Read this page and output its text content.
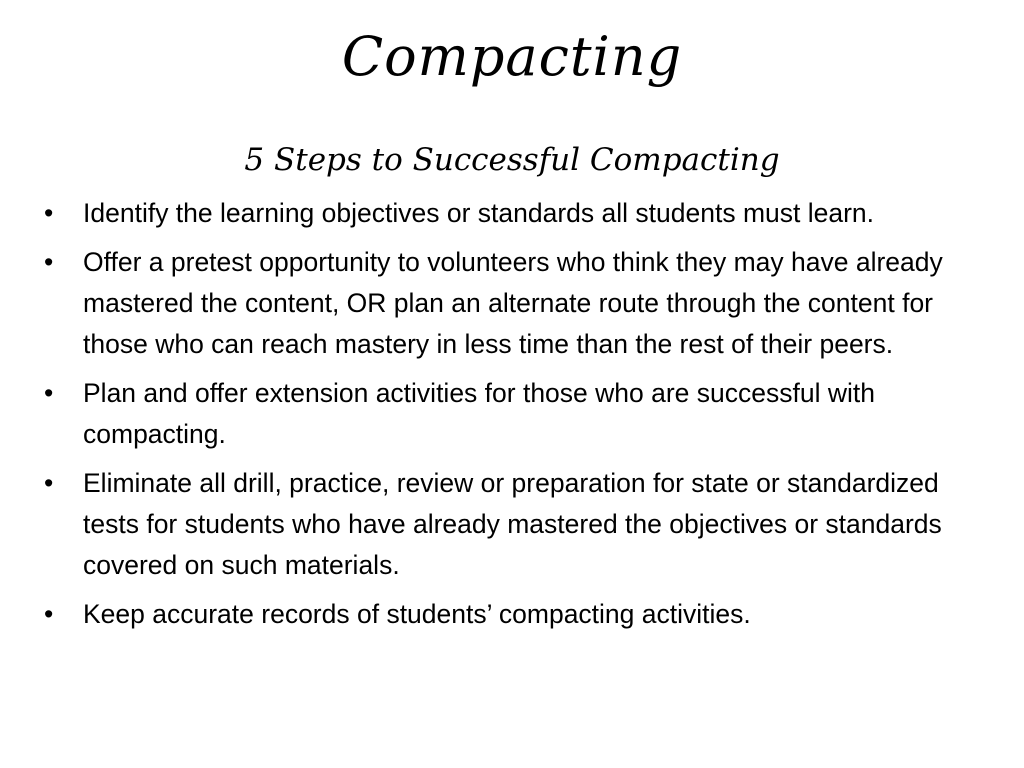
Compacting
5 Steps to Successful Compacting
•	Identify the learning objectives or standards all students must learn.
•	Offer a pretest opportunity to volunteers who think they may have already mastered the content, OR plan an alternate route through the content for those who can reach mastery in less time than the rest of their peers.
•	Plan and offer extension activities for those who are successful with compacting.
•	Eliminate all drill, practice, review or preparation for state or standardized tests for students who have already mastered the objectives or standards covered on such materials.
•	Keep accurate records of students’ compacting activities.
